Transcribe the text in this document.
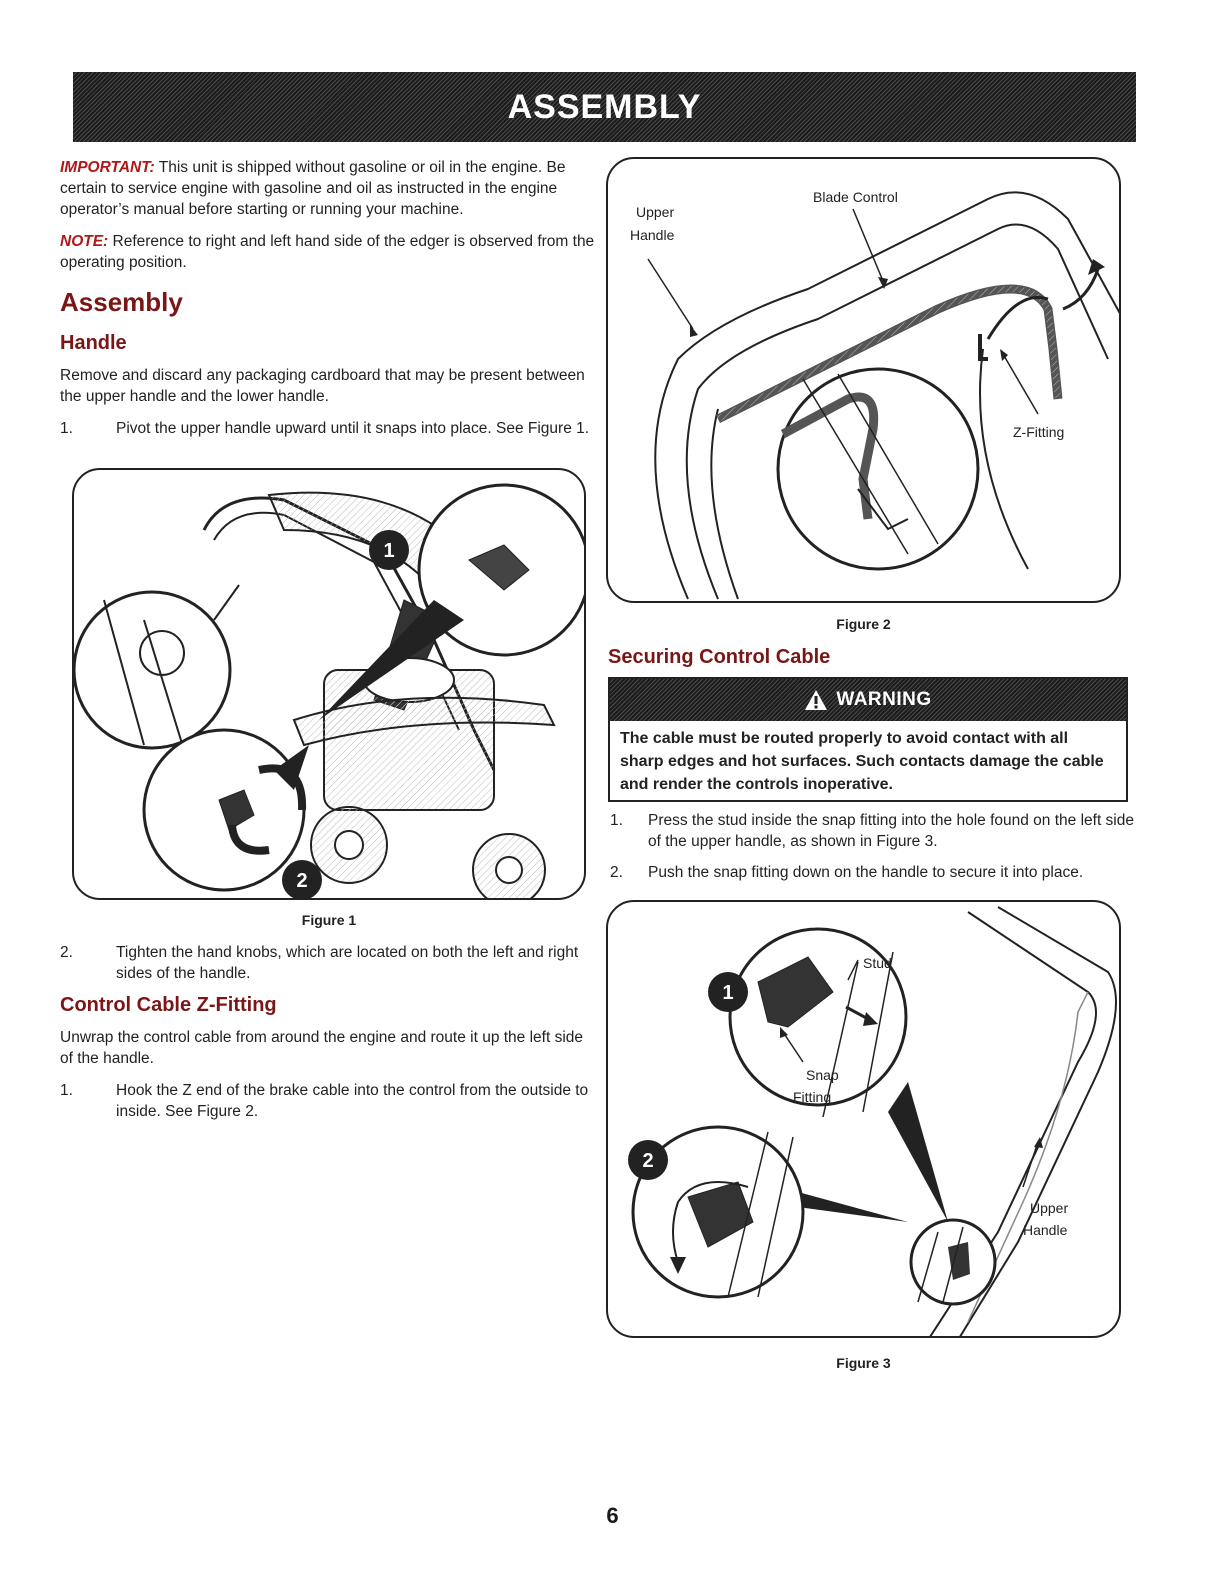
ASSEMBLY

IMPORTANT: This unit is shipped without gasoline or oil in the engine. Be certain to service engine with gasoline and oil as instructed in the engine operator’s manual before starting or running your machine.

NOTE: Reference to right and left hand side of the edger is observed from the operating position.

Assembly
Handle

Remove and discard any packaging cardboard that may be present between the upper handle and the lower handle.

1.	Pivot the upper handle upward until it snaps into place. See Figure 1.
1
2
Figure 1
2.	Tighten the hand knobs, which are located on both the left and right sides of the handle.
Control Cable Z-Fitting

Unwrap the control cable from around the engine and route it up the left side of the handle.

1.	Hook the Z end of the brake cable into the control from the outside to inside. See Figure 2.
Upper
Handle
Blade Control
Z-Fitting
Figure 2
Securing Control Cable
WARNING
The cable must be routed properly to avoid contact with all sharp edges and hot surfaces. Such contacts damage the cable and render the controls inoperative.
1.	Press the stud inside the snap fitting into the hole found on the left side of the upper handle, as shown in Figure 3.
2.	Push the snap fitting down on the handle to secure it into place.
1
2
Stud
Snap
Fitting
Upper
Handle
Figure 3
6
